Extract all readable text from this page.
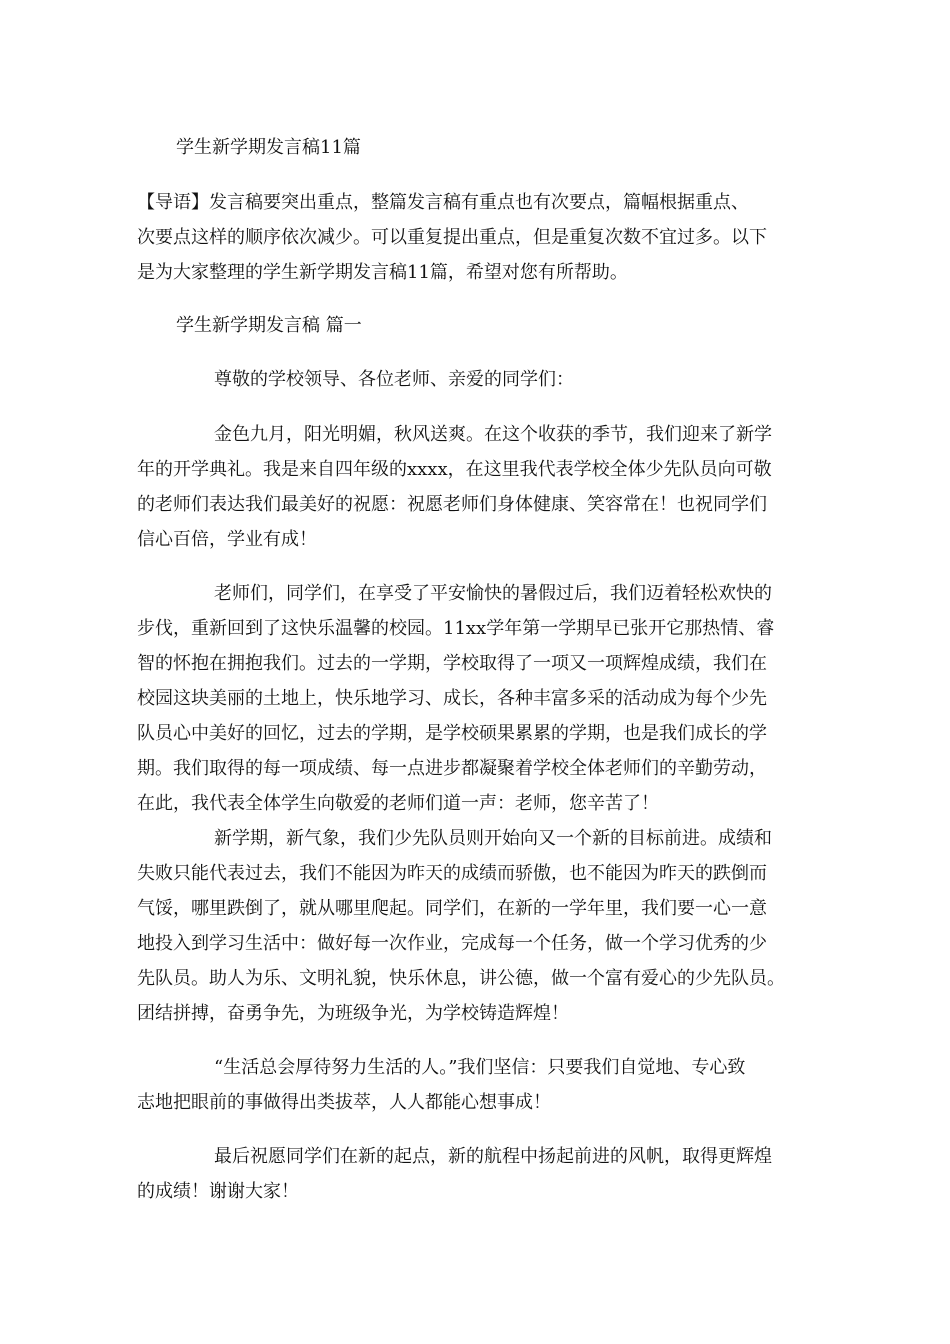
学生新学期发言稿11篇
【导语】发言稿要突出重点，整篇发言稿有重点也有次要点，篇幅根据重点、
次要点这样的顺序依次减少。可以重复提出重点，但是重复次数不宜过多。以下
是为大家整理的学生新学期发言稿11篇，希望对您有所帮助。
学生新学期发言稿 篇一
尊敬的学校领导、各位老师、亲爱的同学们：
金色九月，阳光明媚，秋风送爽。在这个收获的季节，我们迎来了新学
年的开学典礼。我是来自四年级的xxxx，在这里我代表学校全体少先队员向可敬
的老师们表达我们最美好的祝愿：祝愿老师们身体健康、笑容常在！也祝同学们
信心百倍，学业有成！
老师们，同学们，在享受了平安愉快的暑假过后，我们迈着轻松欢快的
步伐，重新回到了这快乐温馨的校园。11xx学年第一学期早已张开它那热情、睿
智的怀抱在拥抱我们。过去的一学期，学校取得了一项又一项辉煌成绩，我们在
校园这块美丽的土地上，快乐地学习、成长，各种丰富多采的活动成为每个少先
队员心中美好的回忆，过去的学期，是学校硕果累累的学期，也是我们成长的学
期。我们取得的每一项成绩、每一点进步都凝聚着学校全体老师们的辛勤劳动，
在此，我代表全体学生向敬爱的老师们道一声：老师，您辛苦了！
新学期，新气象，我们少先队员则开始向又一个新的目标前进。成绩和
失败只能代表过去，我们不能因为昨天的成绩而骄傲，也不能因为昨天的跌倒而
气馁，哪里跌倒了，就从哪里爬起。同学们，在新的一学年里，我们要一心一意
地投入到学习生活中：做好每一次作业，完成每一个任务，做一个学习优秀的少
先队员。助人为乐、文明礼貌，快乐休息，讲公德，做一个富有爱心的少先队员。
团结拼搏，奋勇争先，为班级争光，为学校铸造辉煌！
“生活总会厚待努力生活的人。”我们坚信：只要我们自觉地、专心致
志地把眼前的事做得出类拔萃，人人都能心想事成！
最后祝愿同学们在新的起点，新的航程中扬起前进的风帆，取得更辉煌
的成绩！谢谢大家！
